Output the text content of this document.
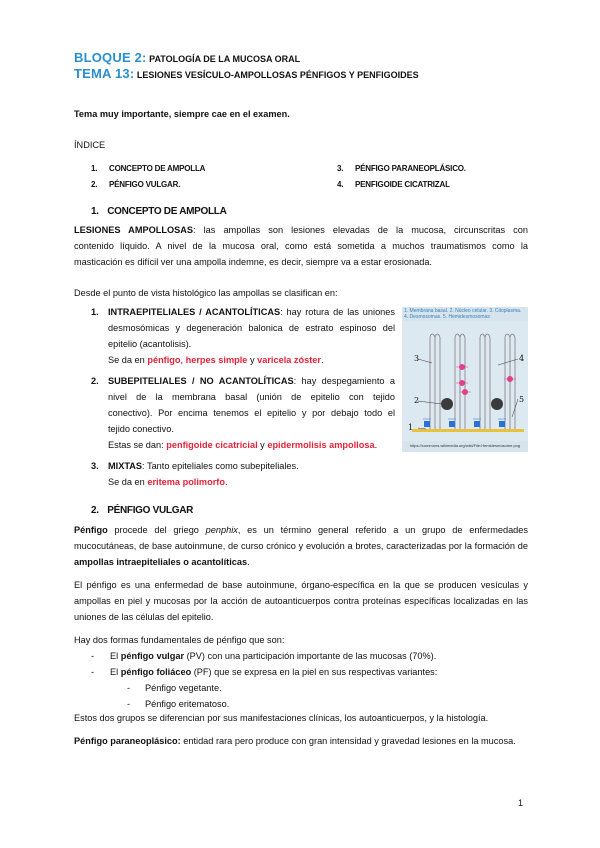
BLOQUE 2: PATOLOGÍA DE LA MUCOSA ORAL
TEMA 13: LESIONES VESÍCULO-AMPOLLOSAS PÉNFIGOS Y PENFIGOIDES
Tema muy importante, siempre cae en el examen.
ÍNDICE
1. CONCEPTO DE AMPOLLA
2. PÉNFIGO VULGAR.
3. PÉNFIGO PARANEOPLÁSICO.
4. PENFIGOIDE CICATRIZAL
1. CONCEPTO DE AMPOLLA
LESIONES AMPOLLOSAS: las ampollas son lesiones elevadas de la mucosa, circunscritas con
contenido líquido. A nivel de la mucosa oral, como está sometida a muchos traumatismos como la
masticación es difícil ver una ampolla indemne, es decir, siempre va a estar erosionada.
Desde el punto de vista histológico las ampollas se clasifican en:
1. INTRAEPITELIALES / ACANTOLÍTICAS: hay rotura de las uniones
desmosómicas y degeneración balonica de estrato espinoso del
epitelio (acantolisis).
Se da en pénfigo, herpes simple y varicela zóster.
2. SUBEPITELIALES / NO ACANTOLÍTICAS: hay despegamiento a
nivel de la membrana basal (unión de epitelio con tejido
conectivo). Por encima tenemos el epitelio y por debajo todo el
tejido conectivo.
Estas se dan: penfigoide cicatricial y epidermolisis ampollosa.
3. MIXTAS: Tanto epiteliales como subepiteliales.
Se da en eritema polimorfo.
1. Membrana basal. 2. Núcleo celular. 3. Citoplasma. 4. Desmosomas. 5. Hemidesmosomas
3	4
2	5
1
https://commons.wikimedia.org/wiki/File:Hemidesmosome.png
2. PÉNFIGO VULGAR
Pénfigo procede del griego penphix, es un término general referido a un grupo de enfermedades mucocutáneas, de base autoinmune, de curso crónico y evolución a brotes, caracterizadas por la formación de ampollas intraepiteliales o acantolíticas.
El pénfigo es una enfermedad de base autoinmune, órgano-específica en la que se producen vesículas y ampollas en piel y mucosas por la acción de autoanticuerpos contra proteínas específicas localizadas en las uniones de las células del epitelio.
Hay dos formas fundamentales de pénfigo que son:
- El pénfigo vulgar (PV) con una participación importante de las mucosas (70%).
- El pénfigo foliáceo (PF) que se expresa en la piel en sus respectivas variantes:
- Pénfigo vegetante.
- Pénfigo eritematoso.
Estos dos grupos se diferencian por sus manifestaciones clínicas, los autoanticuerpos, y la histología.
Pénfigo paraneoplásico: entidad rara pero produce con gran intensidad y gravedad lesiones en la mucosa.
1
